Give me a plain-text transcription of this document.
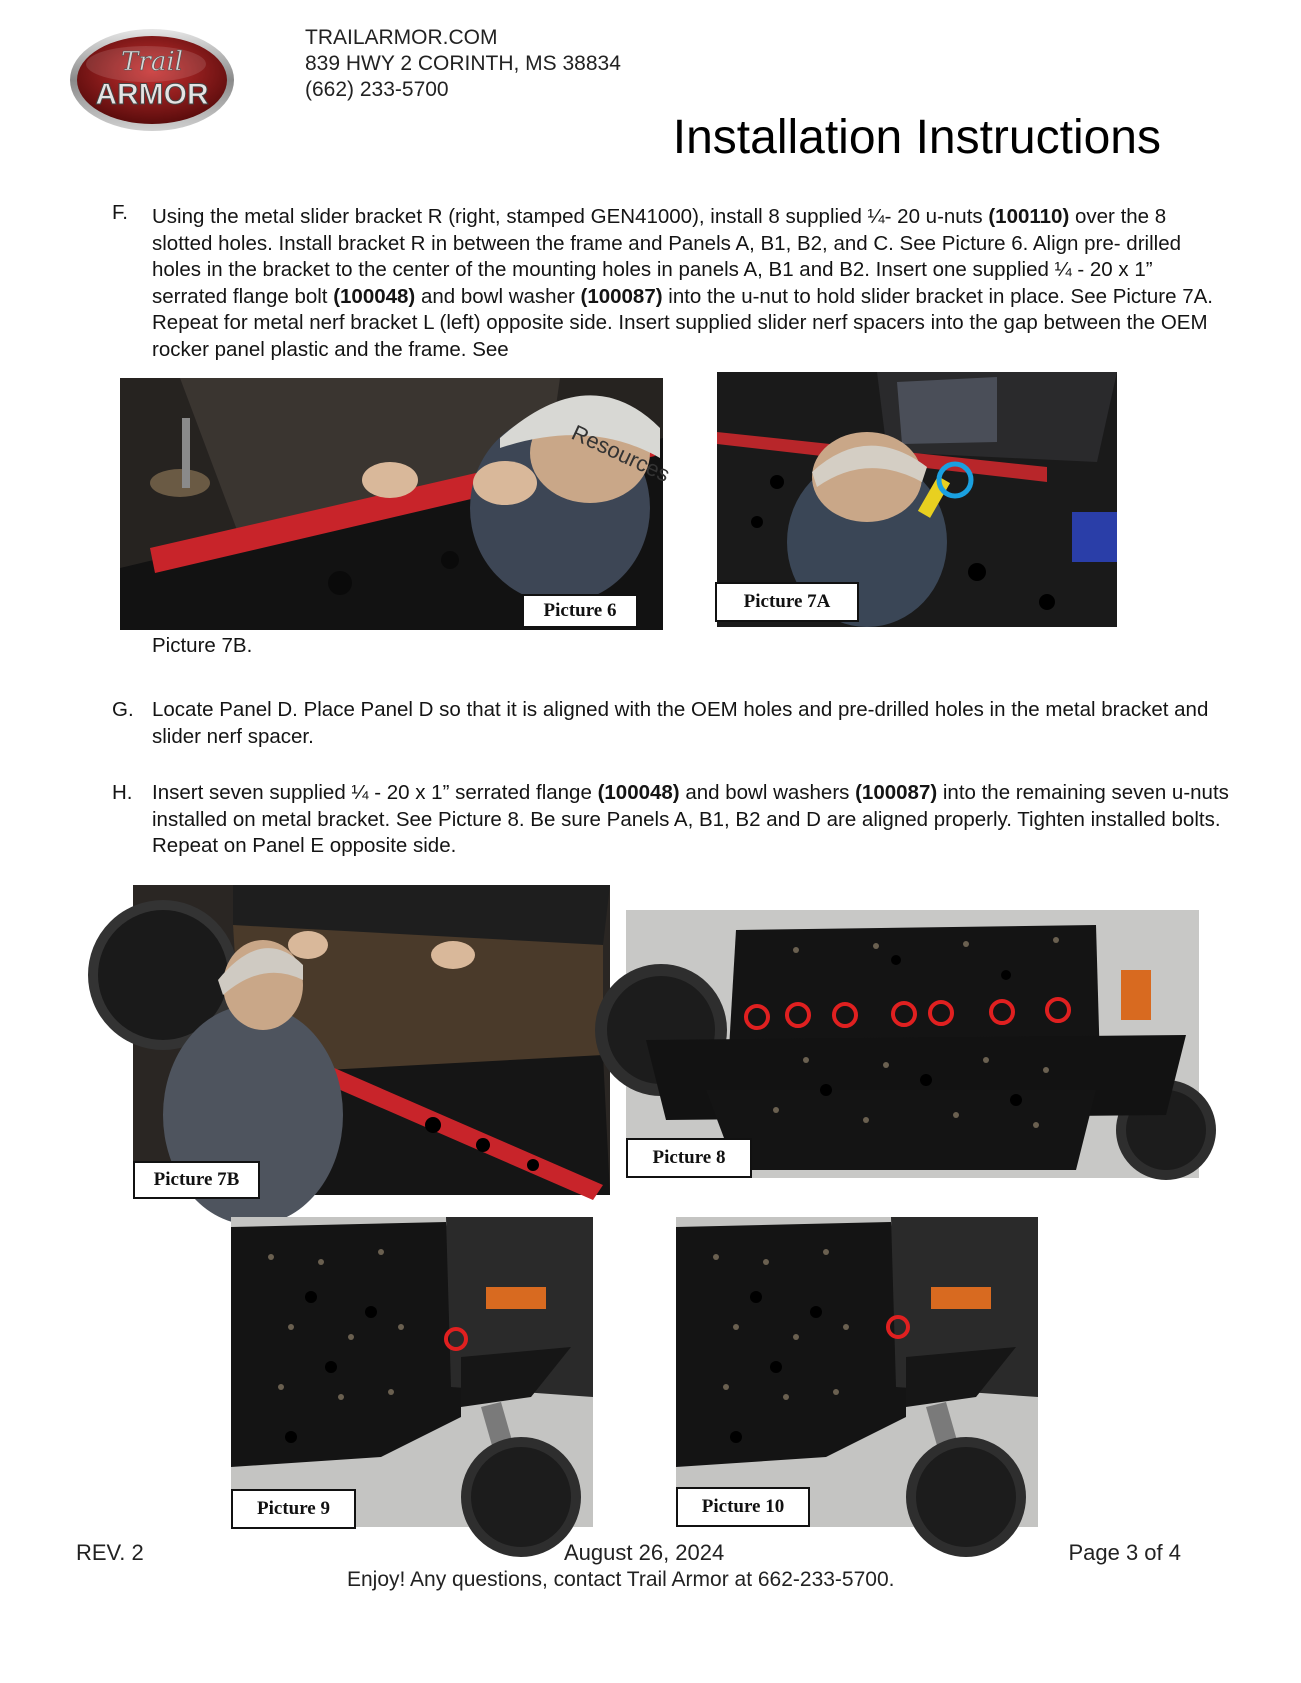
Trail
ARMOR
TRAILARMOR.COM
839 HWY 2 CORINTH, MS 38834
(662) 233-5700
Installation Instructions
F. Using the metal slider bracket R (right, stamped GEN41000), install 8 supplied ¼- 20 u-nuts (100110) over the 8 slotted holes. Install bracket R in between the frame and Panels A, B1, B2, and C. See Picture 6. Align pre- drilled holes in the bracket to the center of the mounting holes in panels A, B1 and B2. Insert one supplied ¼ - 20 x 1” serrated flange bolt (100048) and bowl washer (100087) into the u-nut to hold slider bracket in place. See Picture 7A. Repeat for metal nerf bracket L (left) opposite side. Insert supplied slider nerf spacers into the gap between the OEM rocker panel plastic and the frame. See
Resources
Picture 6	Picture 7A
Picture 7B.
G. Locate Panel D. Place Panel D so that it is aligned with the OEM holes and pre-drilled holes in the metal bracket and slider nerf spacer.
H. Insert seven supplied ¼ - 20 x 1” serrated flange (100048) and bowl washers (100087) into the remaining seven u-nuts installed on metal bracket. See Picture 8. Be sure Panels A, B1, B2 and D are aligned properly. Tighten installed bolts. Repeat on Panel E opposite side.
Picture 7B
Picture 8
Picture 9	Picture 10
REV. 2	August 26, 2024	Page 3 of 4
Enjoy! Any questions, contact Trail Armor at 662-233-5700.
